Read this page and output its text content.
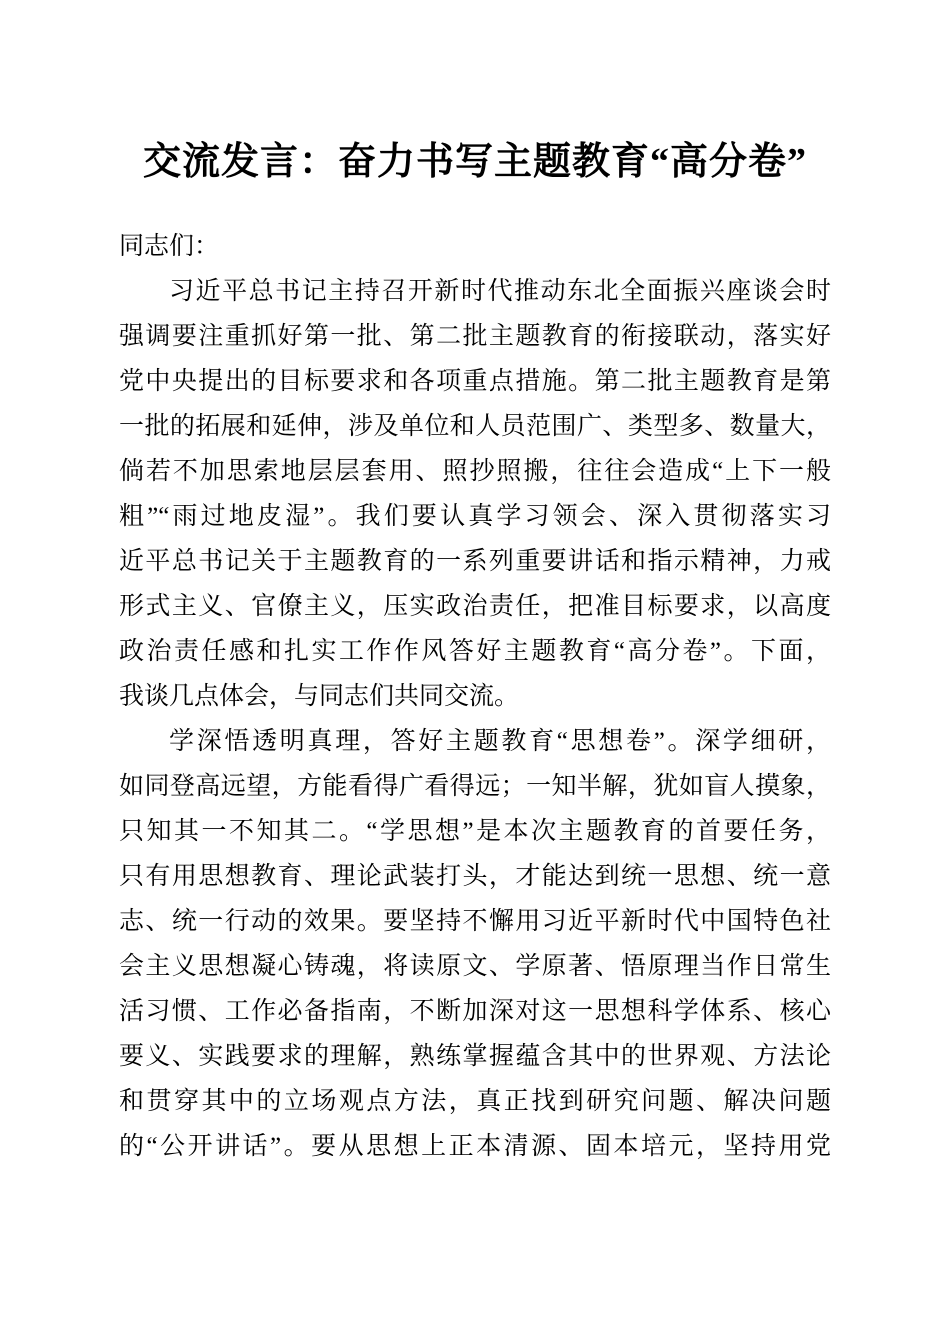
交流发言：奋力书写主题教育“高分卷”
同志们：
习近平总书记主持召开新时代推动东北全面振兴座谈会时
强调要注重抓好第一批、第二批主题教育的衔接联动，落实好
党中央提出的目标要求和各项重点措施。第二批主题教育是第
一批的拓展和延伸，涉及单位和人员范围广、类型多、数量大，
倘若不加思索地层层套用、照抄照搬，往往会造成“上下一般
粗”“雨过地皮湿”。我们要认真学习领会、深入贯彻落实习
近平总书记关于主题教育的一系列重要讲话和指示精神，力戒
形式主义、官僚主义，压实政治责任，把准目标要求，以高度
政治责任感和扎实工作作风答好主题教育“高分卷”。下面，
我谈几点体会，与同志们共同交流。
学深悟透明真理，答好主题教育“思想卷”。深学细研，
如同登高远望，方能看得广看得远；一知半解，犹如盲人摸象，
只知其一不知其二。“学思想”是本次主题教育的首要任务，
只有用思想教育、理论武装打头，才能达到统一思想、统一意
志、统一行动的效果。要坚持不懈用习近平新时代中国特色社
会主义思想凝心铸魂，将读原文、学原著、悟原理当作日常生
活习惯、工作必备指南，不断加深对这一思想科学体系、核心
要义、实践要求的理解，熟练掌握蕴含其中的世界观、方法论
和贯穿其中的立场观点方法，真正找到研究问题、解决问题
的“公开讲话”。要从思想上正本清源、固本培元，坚持用党
